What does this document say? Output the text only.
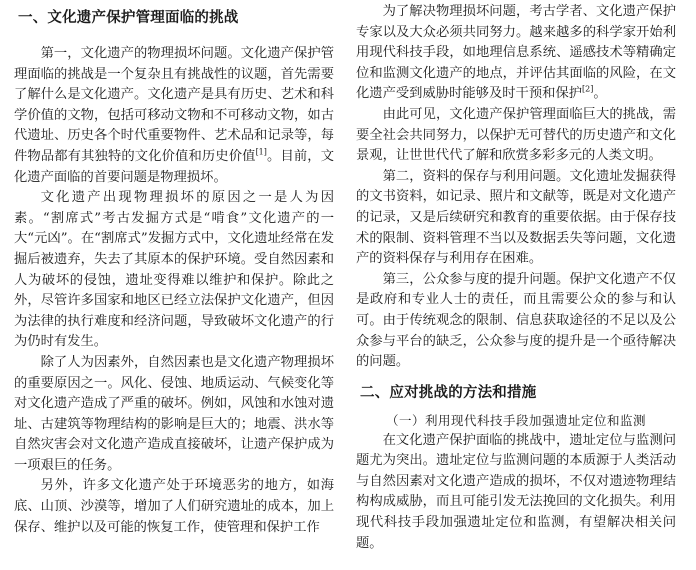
一、文化遗产保护管理面临的挑战

第一，文化遗产的物理损坏问题。文化遗产保护管理面临的挑战是一个复杂且有挑战性的议题，首先需要了解什么是文化遗产。文化遗产是具有历史、艺术和科学价值的文物，包括可移动文物和不可移动文物，如古代遗址、历史各个时代重要物件、艺术品和记录等，每件物品都有其独特的文化价值和历史价值[1]。目前，文化遗产面临的首要问题是物理损坏。

文化遗产出现物理损坏的原因之一是人为因素。“割席式”考古发掘方式是“啃食”文化遗产的一大“元凶”。在“割席式”发掘方式中，文化遗址经常在发掘后被遗弃，失去了其原本的保护环境。受自然因素和人为破坏的侵蚀，遗址变得难以维护和保护。除此之外，尽管许多国家和地区已经立法保护文化遗产，但因为法律的执行难度和经济问题，导致破坏文化遗产的行为仍时有发生。

除了人为因素外，自然因素也是文化遗产物理损坏的重要原因之一。风化、侵蚀、地质运动、气候变化等对文化遗产造成了严重的破坏。例如，风蚀和水蚀对遗址、古建筑等物理结构的影响是巨大的；地震、洪水等自然灾害会对文化遗产造成直接破坏，让遗产保护成为一项艰巨的任务。

另外，许多文化遗产处于环境恶劣的地方，如海底、山顶、沙漠等，增加了人们研究遗址的成本，加上保存、维护以及可能的恢复工作，使管理和保护工作

为了解决物理损坏问题，考古学者、文化遗产保护专家以及大众必须共同努力。越来越多的科学家开始利用现代科技手段，如地理信息系统、遥感技术等精确定位和监测文化遗产的地点，并评估其面临的风险，在文化遗产受到威胁时能够及时干预和保护[2]。

由此可见，文化遗产保护管理面临巨大的挑战，需要全社会共同努力，以保护无可替代的历史遗产和文化景观，让世世代代了解和欣赏多彩多元的人类文明。

第二，资料的保存与利用问题。文化遗址发掘获得的文书资料，如记录、照片和文献等，既是对文化遗产的记录，又是后续研究和教育的重要依据。由于保存技术的限制、资料管理不当以及数据丢失等问题，文化遗产的资料保存与利用存在困难。

第三，公众参与度的提升问题。保护文化遗产不仅是政府和专业人士的责任，而且需要公众的参与和认可。由于传统观念的限制、信息获取途径的不足以及公众参与平台的缺乏，公众参与度的提升是一个亟待解决的问题。

二、应对挑战的方法和措施

（一）利用现代科技手段加强遗址定位和监测

在文化遗产保护面临的挑战中，遗址定位与监测问题尤为突出。遗址定位与监测问题的本质源于人类活动与自然因素对文化遗产造成的损坏，不仅对遗迹物理结构构成威胁，而且可能引发无法挽回的文化损失。利用现代科技手段加强遗址定位和监测，有望解决相关问题。
